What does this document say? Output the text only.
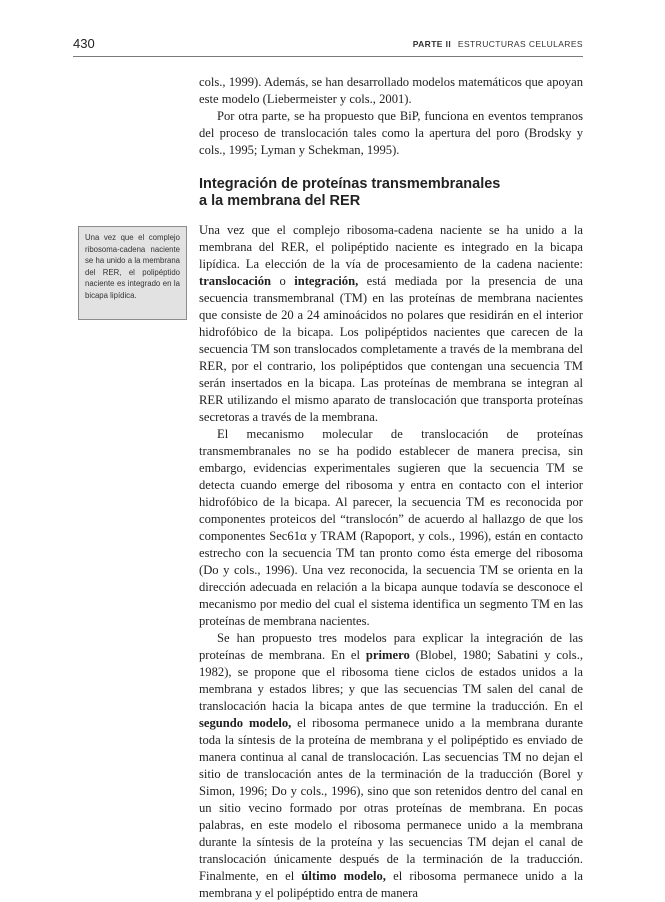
430	PARTE II ESTRUCTURAS CELULARES

cols., 1999). Además, se han desarrollado modelos matemáticos que apoyan este modelo (Liebermeister y cols., 2001).

Por otra parte, se ha propuesto que BiP, funciona en eventos tempranos del proceso de translocación tales como la apertura del poro (Brodsky y cols., 1995; Lyman y Schekman, 1995).

Integración de proteínas transmembranales
a la membrana del RER
Una vez que el complejo ribosoma-cadena naciente se ha unido a la membrana del RER, el polipéptido naciente es integrado en la bicapa lipídica.

Una vez que el complejo ribosoma-cadena naciente se ha unido a la membrana del RER, el polipéptido naciente es integrado en la bicapa lipídica. La elección de la vía de procesamiento de la cadena naciente: translocación o integración, está mediada por la presencia de una secuencia transmembranal (TM) en las proteínas de membrana nacientes que consiste de 20 a 24 aminoácidos no polares que residirán en el interior hidrofóbico de la bicapa. Los polipéptidos nacientes que carecen de la secuencia TM son translocados completamente a través de la membrana del RER, por el contrario, los polipéptidos que contengan una secuencia TM serán insertados en la bicapa. Las proteínas de membrana se integran al RER utilizando el mismo aparato de translocación que transporta proteínas secretoras a través de la membrana.

El mecanismo molecular de translocación de proteínas transmembranales no se ha podido establecer de manera precisa, sin embargo, evidencias experimentales sugieren que la secuencia TM se detecta cuando emerge del ribosoma y entra en contacto con el interior hidrofóbico de la bicapa. Al parecer, la secuencia TM es reconocida por componentes proteicos del “translocón” de acuerdo al hallazgo de que los componentes Sec61α y TRAM (Rapoport, y cols., 1996), están en contacto estrecho con la secuencia TM tan pronto como ésta emerge del ribosoma (Do y cols., 1996). Una vez reconocida, la secuencia TM se orienta en la dirección adecuada en relación a la bicapa aunque todavía se desconoce el mecanismo por medio del cual el sistema identifica un segmento TM en las proteínas de membrana nacientes.

Se han propuesto tres modelos para explicar la integración de las proteínas de membrana. En el primero (Blobel, 1980; Sabatini y cols., 1982), se propone que el ribosoma tiene ciclos de estados unidos a la membrana y estados libres; y que las secuencias TM salen del canal de translocación hacia la bicapa antes de que termine la traducción. En el segundo modelo, el ribosoma permanece unido a la membrana durante toda la síntesis de la proteína de membrana y el polipéptido es enviado de manera continua al canal de translocación. Las secuencias TM no dejan el sitio de translocación antes de la terminación de la traducción (Borel y Simon, 1996; Do y cols., 1996), sino que son retenidos dentro del canal en un sitio vecino formado por otras proteínas de membrana. En pocas palabras, en este modelo el ribosoma permanece unido a la membrana durante la síntesis de la proteína y las secuencias TM dejan el canal de translocación únicamente después de la terminación de la traducción. Finalmente, en el último modelo, el ribosoma permanece unido a la membrana y el polipéptido entra de manera
